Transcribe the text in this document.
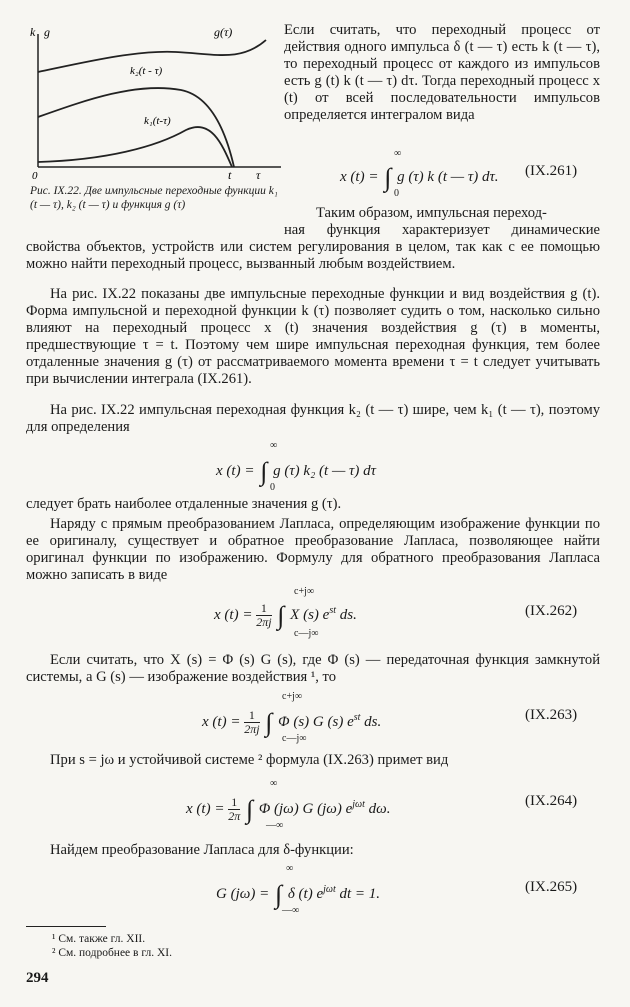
k g	g(τ)
k₂(t - τ)
k₁(t-τ)
0	t τ
Рис. IX.22. Две импульсные переходные функции k₁ (t — τ), k₂ (t — τ) и функция g (τ)

Если считать, что переходный процесс от действия одного импульса δ (t — τ) есть k (t — τ), то переходный процесс от каждого из импульсов есть g (t) k (t — τ) dτ. Тогда переходный процесс x (t) от всей последовательности импульсов определяется интегралом вида

x (t) = ∫ g (τ) k (t — τ) dτ.
∞
0
(IX.261)

Таким образом, импульсная переход-

ная функция характеризует динамические свойства объектов, устройств или систем регулирования в целом, так как с ее помощью можно найти переходный процесс, вызванный любым воздействием.

На рис. IX.22 показаны две импульсные переходные функции и вид воздействия g (t). Форма импульсной и переходной функции k (τ) позволяет судить о том, насколько сильно влияют на переходный процесс x (t) значения воздействия g (τ) в моменты, предшествующие τ = t. Поэтому чем шире импульсная переходная функция, тем более отдаленные значения g (τ) от рассматриваемого момента времени τ = t следует учитывать при вычислении интеграла (IX.261).

На рис. IX.22 импульсная переходная функция k₂ (t — τ) шире, чем k₁ (t — τ), поэтому для определения

x (t) = ∫ g (τ) k₂ (t — τ) dτ
∞
0

следует брать наиболее отдаленные значения g (τ).

Наряду с прямым преобразованием Лапласа, определяющим изображение функции по ее оригиналу, существует и обратное преобразование Лапласа, позволяющее найти оригинал функции по изображению. Формулу для обратного преобразования Лапласа можно записать в виде

x $(t) = \frac{1}{2\pi j}$ ∫ X (s) $e^{st}$ ds.
c+j∞
c—j∞
(IX.262)

Если считать, что X (s) = Φ (s) G (s), где Φ (s) — передаточная функция замкнутой системы, а G (s) — изображение воздействия ¹, то

x $(t) = \frac{1}{2\pi j}$ ∫ Φ (s) G (s) $e^{st}$ ds.
c+j∞
c—j∞
(IX.263)

При s = jω и устойчивой системе ² формула (IX.263) примет вид

x $(t) = \frac{1}{2\pi}$ ∫ Φ (jω) G (jω) $e^{j\omega t}$ dω.
∞
—∞
(IX.264)

Найдем преобразование Лапласа для δ-функции:

G (jω) = ∫ δ (t) $e^{j\omega t}$ dt = 1.
∞
—∞
(IX.265)
¹ См. также гл. XII.
² См. подробнее в гл. XI.
294
